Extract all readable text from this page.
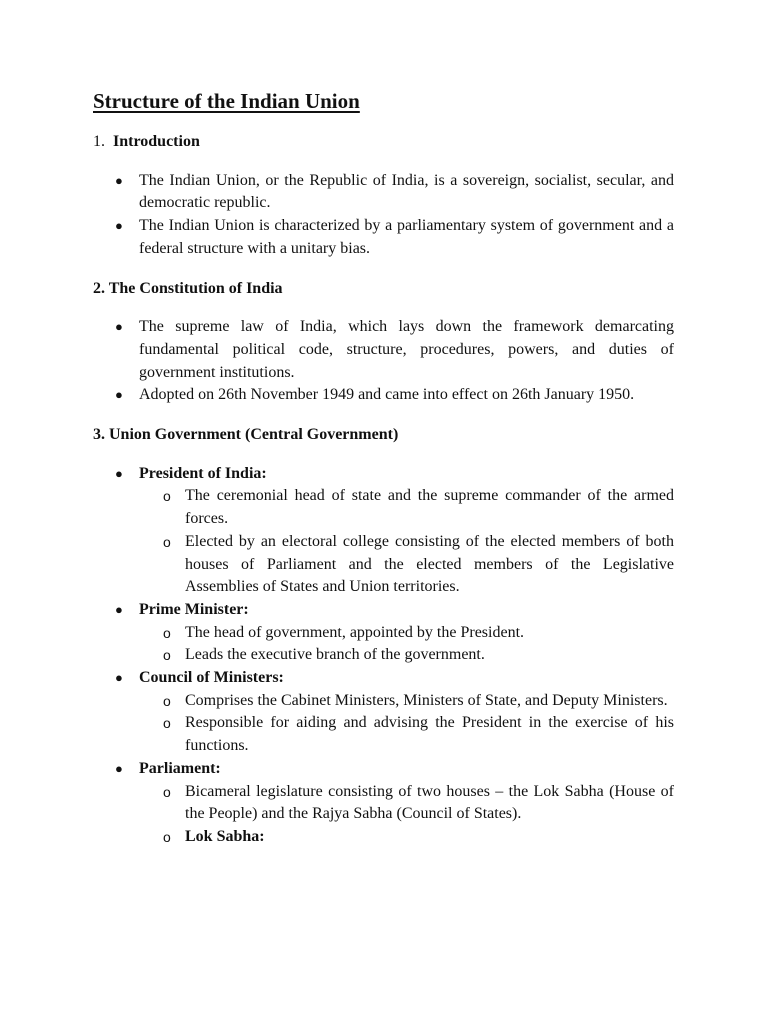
Structure of the Indian Union
1. Introduction
● The Indian Union, or the Republic of India, is a sovereign, socialist, secular, and democratic republic.
● The Indian Union is characterized by a parliamentary system of government and a federal structure with a unitary bias.
2. The Constitution of India
● The supreme law of India, which lays down the framework demarcating fundamental political code, structure, procedures, powers, and duties of government institutions.
● Adopted on 26th November 1949 and came into effect on 26th January 1950.
3. Union Government (Central Government)
● President of India:
o The ceremonial head of state and the supreme commander of the armed forces.
o Elected by an electoral college consisting of the elected members of both houses of Parliament and the elected members of the Legislative Assemblies of States and Union territories.
● Prime Minister:
o The head of government, appointed by the President.
o Leads the executive branch of the government.
● Council of Ministers:
o Comprises the Cabinet Ministers, Ministers of State, and Deputy Ministers.
o Responsible for aiding and advising the President in the exercise of his functions.
● Parliament:
o Bicameral legislature consisting of two houses – the Lok Sabha (House of the People) and the Rajya Sabha (Council of States).
o Lok Sabha:
